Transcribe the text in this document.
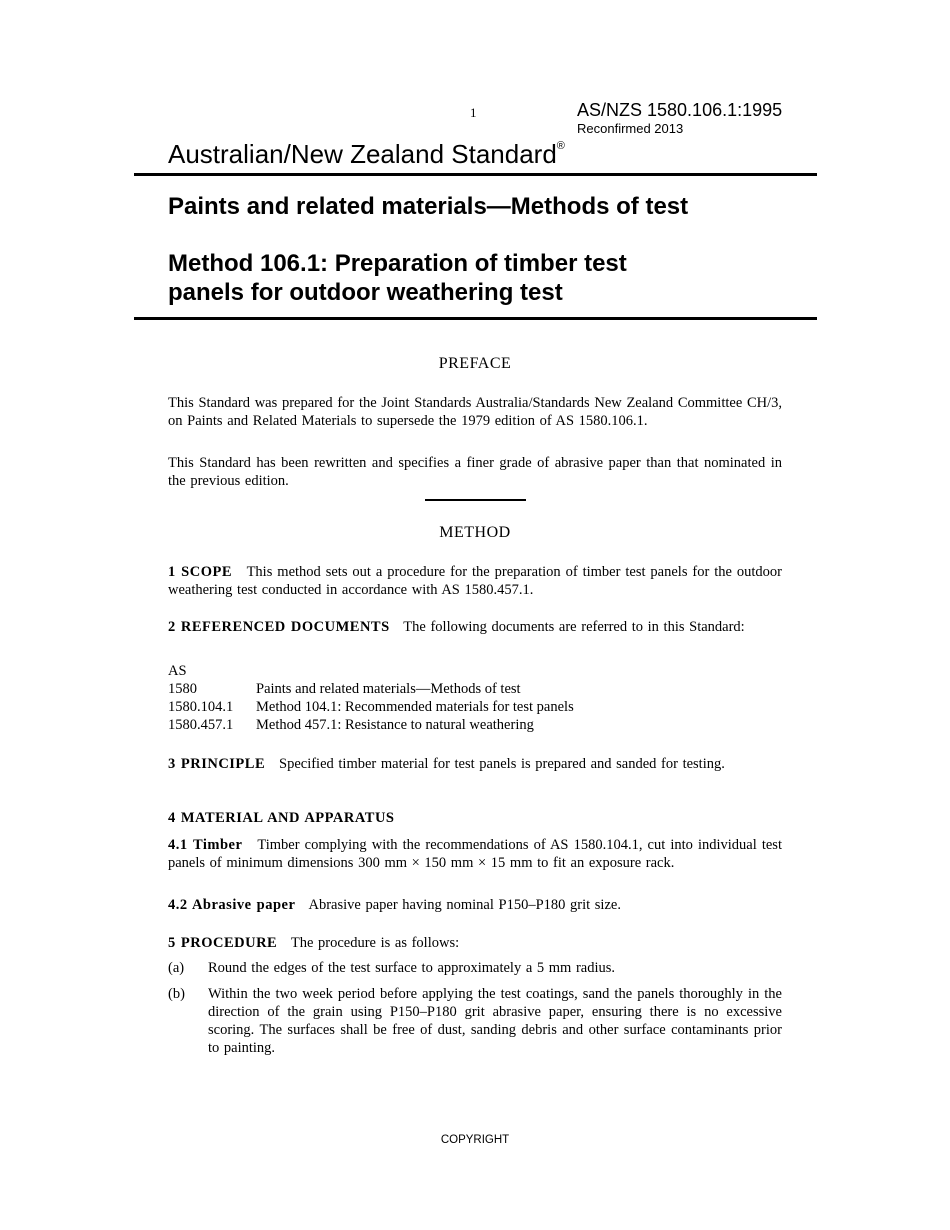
1	AS/NZS 1580.106.1:1995
Reconfirmed 2013
Australian/New Zealand Standard®
Paints and related materials—Methods of test
Method 106.1: Preparation of timber test
panels for outdoor weathering test
PREFACE
This Standard was prepared for the Joint Standards Australia/Standards New Zealand Committee CH/3, on Paints and Related Materials to supersede the 1979 edition of AS 1580.106.1.
This Standard has been rewritten and specifies a finer grade of abrasive paper than that nominated in the previous edition.
METHOD
1 SCOPE This method sets out a procedure for the preparation of timber test panels for the outdoor weathering test conducted in accordance with AS 1580.457.1.
2 REFERENCED DOCUMENTS The following documents are referred to in this Standard:
AS
1580	Paints and related materials—Methods of test
1580.104.1 Method 104.1: Recommended materials for test panels
1580.457.1 Method 457.1: Resistance to natural weathering
3 PRINCIPLE Specified timber material for test panels is prepared and sanded for testing.
4 MATERIAL AND APPARATUS
4.1 Timber Timber complying with the recommendations of AS 1580.104.1, cut into individual test panels of minimum dimensions 300 mm × 150 mm × 15 mm to fit an exposure rack.
4.2 Abrasive paper Abrasive paper having nominal P150–P180 grit size.
5 PROCEDURE The procedure is as follows:
(a) Round the edges of the test surface to approximately a 5 mm radius.
(b) Within the two week period before applying the test coatings, sand the panels thoroughly in the direction of the grain using P150–P180 grit abrasive paper, ensuring there is no excessive scoring. The surfaces shall be free of dust, sanding debris and other surface contaminants prior to painting.
COPYRIGHT
